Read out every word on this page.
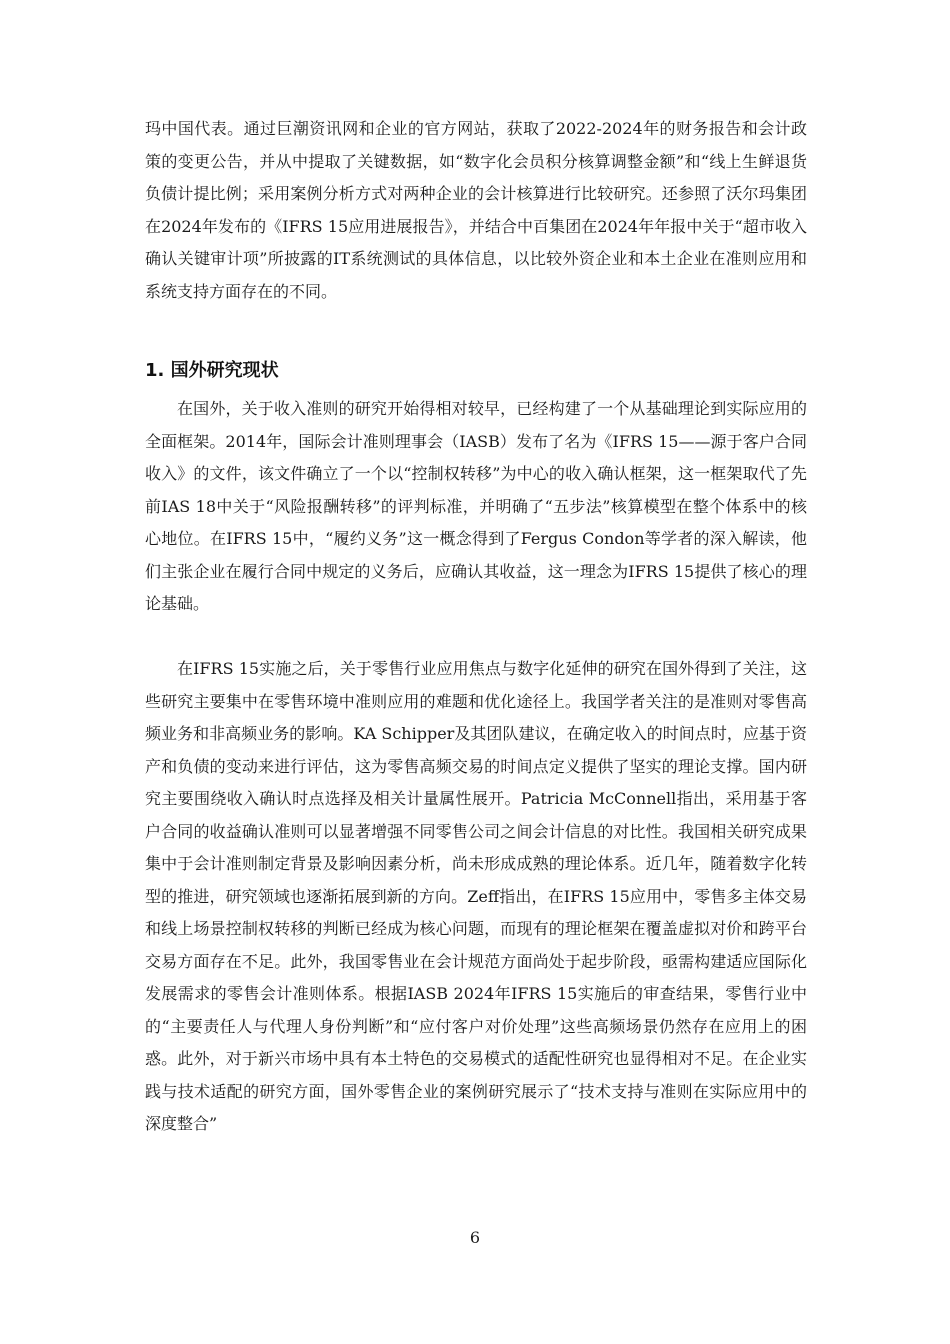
玛中国代表。通过巨潮资讯网和企业的官方网站，获取了2022-2024年的财务报告和会计政策的变更公告，并从中提取了关键数据，如“数字化会员积分核算调整金额”和“线上生鲜退货负债计提比例；采用案例分析方式对两种企业的会计核算进行比较研究。还参照了沃尔玛集团在2024年发布的《IFRS 15应用进展报告》，并结合中百集团在2024年年报中关于“超市收入确认关键审计项”所披露的IT系统测试的具体信息，以比较外资企业和本土企业在准则应用和系统支持方面存在的不同。

1. 国外研究现状

在国外，关于收入准则的研究开始得相对较早，已经构建了一个从基础理论到实际应用的全面框架。2014年，国际会计准则理事会（IASB）发布了名为《IFRS 15——源于客户合同收入》的文件，该文件确立了一个以“控制权转移”为中心的收入确认框架，这一框架取代了先前IAS 18中关于“风险报酬转移”的评判标准，并明确了“五步法”核算模型在整个体系中的核心地位。在IFRS 15中，“履约义务”这一概念得到了Fergus Condon等学者的深入解读，他们主张企业在履行合同中规定的义务后，应确认其收益，这一理念为IFRS 15提供了核心的理论基础。

在IFRS 15实施之后，关于零售行业应用焦点与数字化延伸的研究在国外得到了关注，这些研究主要集中在零售环境中准则应用的难题和优化途径上。我国学者关注的是准则对零售高频业务和非高频业务的影响。KA Schipper及其团队建议，在确定收入的时间点时，应基于资产和负债的变动来进行评估，这为零售高频交易的时间点定义提供了坚实的理论支撑。国内研究主要围绕收入确认时点选择及相关计量属性展开。Patricia McConnell指出，采用基于客户合同的收益确认准则可以显著增强不同零售公司之间会计信息的对比性。我国相关研究成果集中于会计准则制定背景及影响因素分析，尚未形成成熟的理论体系。近几年，随着数字化转型的推进，研究领域也逐渐拓展到新的方向。Zeff指出，在IFRS 15应用中，零售多主体交易和线上场景控制权转移的判断已经成为核心问题，而现有的理论框架在覆盖虚拟对价和跨平台交易方面存在不足。此外，我国零售业在会计规范方面尚处于起步阶段，亟需构建适应国际化发展需求的零售会计准则体系。根据IASB 2024年IFRS 15实施后的审查结果，零售行业中的“主要责任人与代理人身份判断”和“应付客户对价处理”这些高频场景仍然存在应用上的困惑。此外，对于新兴市场中具有本土特色的交易模式的适配性研究也显得相对不足。在企业实践与技术适配的研究方面，国外零售企业的案例研究展示了“技术支持与准则在实际应用中的深度整合”

6
